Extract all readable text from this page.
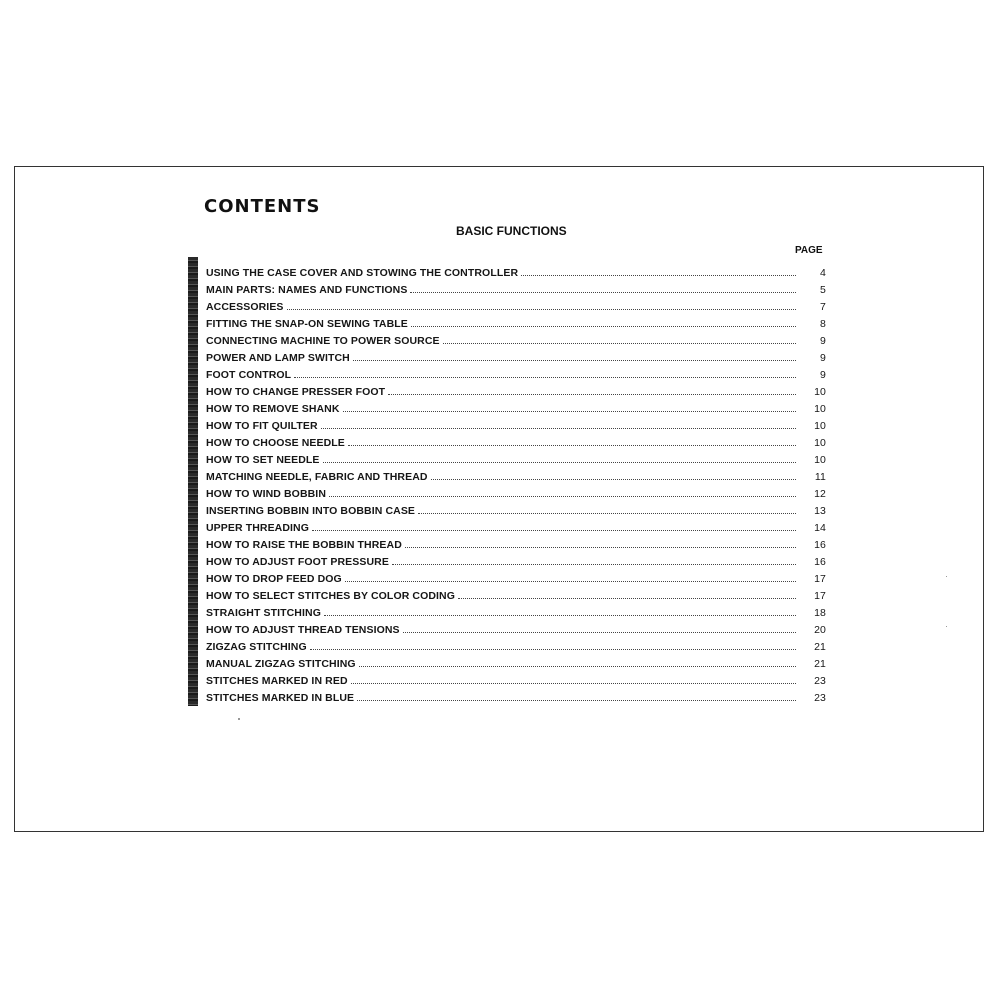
CONTENTS
BASIC FUNCTIONS
PAGE
USING THE CASE COVER AND STOWING THE CONTROLLER	4
MAIN PARTS: NAMES AND FUNCTIONS	5
ACCESSORIES	7
FITTING THE SNAP-ON SEWING TABLE	8
CONNECTING MACHINE TO POWER SOURCE	9
POWER AND LAMP SWITCH	9
FOOT CONTROL	9
HOW TO CHANGE PRESSER FOOT	10
HOW TO REMOVE SHANK	10
HOW TO FIT QUILTER	10
HOW TO CHOOSE NEEDLE	10
HOW TO SET NEEDLE	10
MATCHING NEEDLE, FABRIC AND THREAD	11
HOW TO WIND BOBBIN	12
INSERTING BOBBIN INTO BOBBIN CASE	13
UPPER THREADING	14
HOW TO RAISE THE BOBBIN THREAD	16
HOW TO ADJUST FOOT PRESSURE	16
HOW TO DROP FEED DOG	17
HOW TO SELECT STITCHES BY COLOR CODING	17
STRAIGHT STITCHING	18
HOW TO ADJUST THREAD TENSIONS	20
ZIGZAG STITCHING	21
MANUAL ZIGZAG STITCHING	21
STITCHES MARKED IN RED	23
STITCHES MARKED IN BLUE	23
